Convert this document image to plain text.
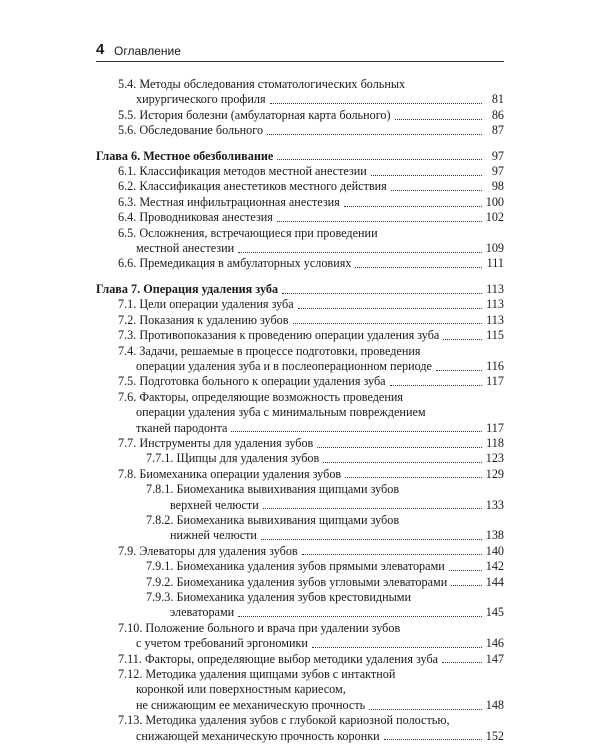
4 Оглавление
5.4. Методы обследования стоматологических больных
хирургического профиля	81
5.5. История болезни (амбулаторная карта больного)	86
5.6. Обследование больного	87
Глава 6. Местное обезболивание	97
6.1. Классификация методов местной анестезии	97
6.2. Классификация анестетиков местного действия	98
6.3. Местная инфильтрационная анестезия	100
6.4. Проводниковая анестезия	102
6.5. Осложнения, встречающиеся при проведении
местной анестезии	109
6.6. Премедикация в амбулаторных условиях	111
Глава 7. Операция удаления зуба	113
7.1. Цели операции удаления зуба	113
7.2. Показания к удалению зубов	113
7.3. Противопоказания к проведению операции удаления зуба	115
7.4. Задачи, решаемые в процессе подготовки, проведения
операции удаления зуба и в послеоперационном периоде	116
7.5. Подготовка больного к операции удаления зуба	117
7.6. Факторы, определяющие возможность проведения
операции удаления зуба с минимальным повреждением
тканей пародонта	117
7.7. Инструменты для удаления зубов	118
7.7.1. Щипцы для удаления зубов	123
7.8. Биомеханика операции удаления зубов	129
7.8.1. Биомеханика вывихивания щипцами зубов
верхней челюсти	133
7.8.2. Биомеханика вывихивания щипцами зубов
нижней челюсти	138
7.9. Элеваторы для удаления зубов	140
7.9.1. Биомеханика удаления зубов прямыми элеваторами	142
7.9.2. Биомеханика удаления зубов угловыми элеваторами	144
7.9.3. Биомеханика удаления зубов крестовидными
элеваторами	145
7.10. Положение больного и врача при удалении зубов
с учетом требований эргономики	146
7.11. Факторы, определяющие выбор методики удаления зуба	147
7.12. Методика удаления щипцами зубов с интактной
коронкой или поверхностным кариесом,
не снижающим ее механическую прочность	148
7.13. Методика удаления зубов с глубокой кариозной полостью,
снижающей механическую прочность коронки	152
